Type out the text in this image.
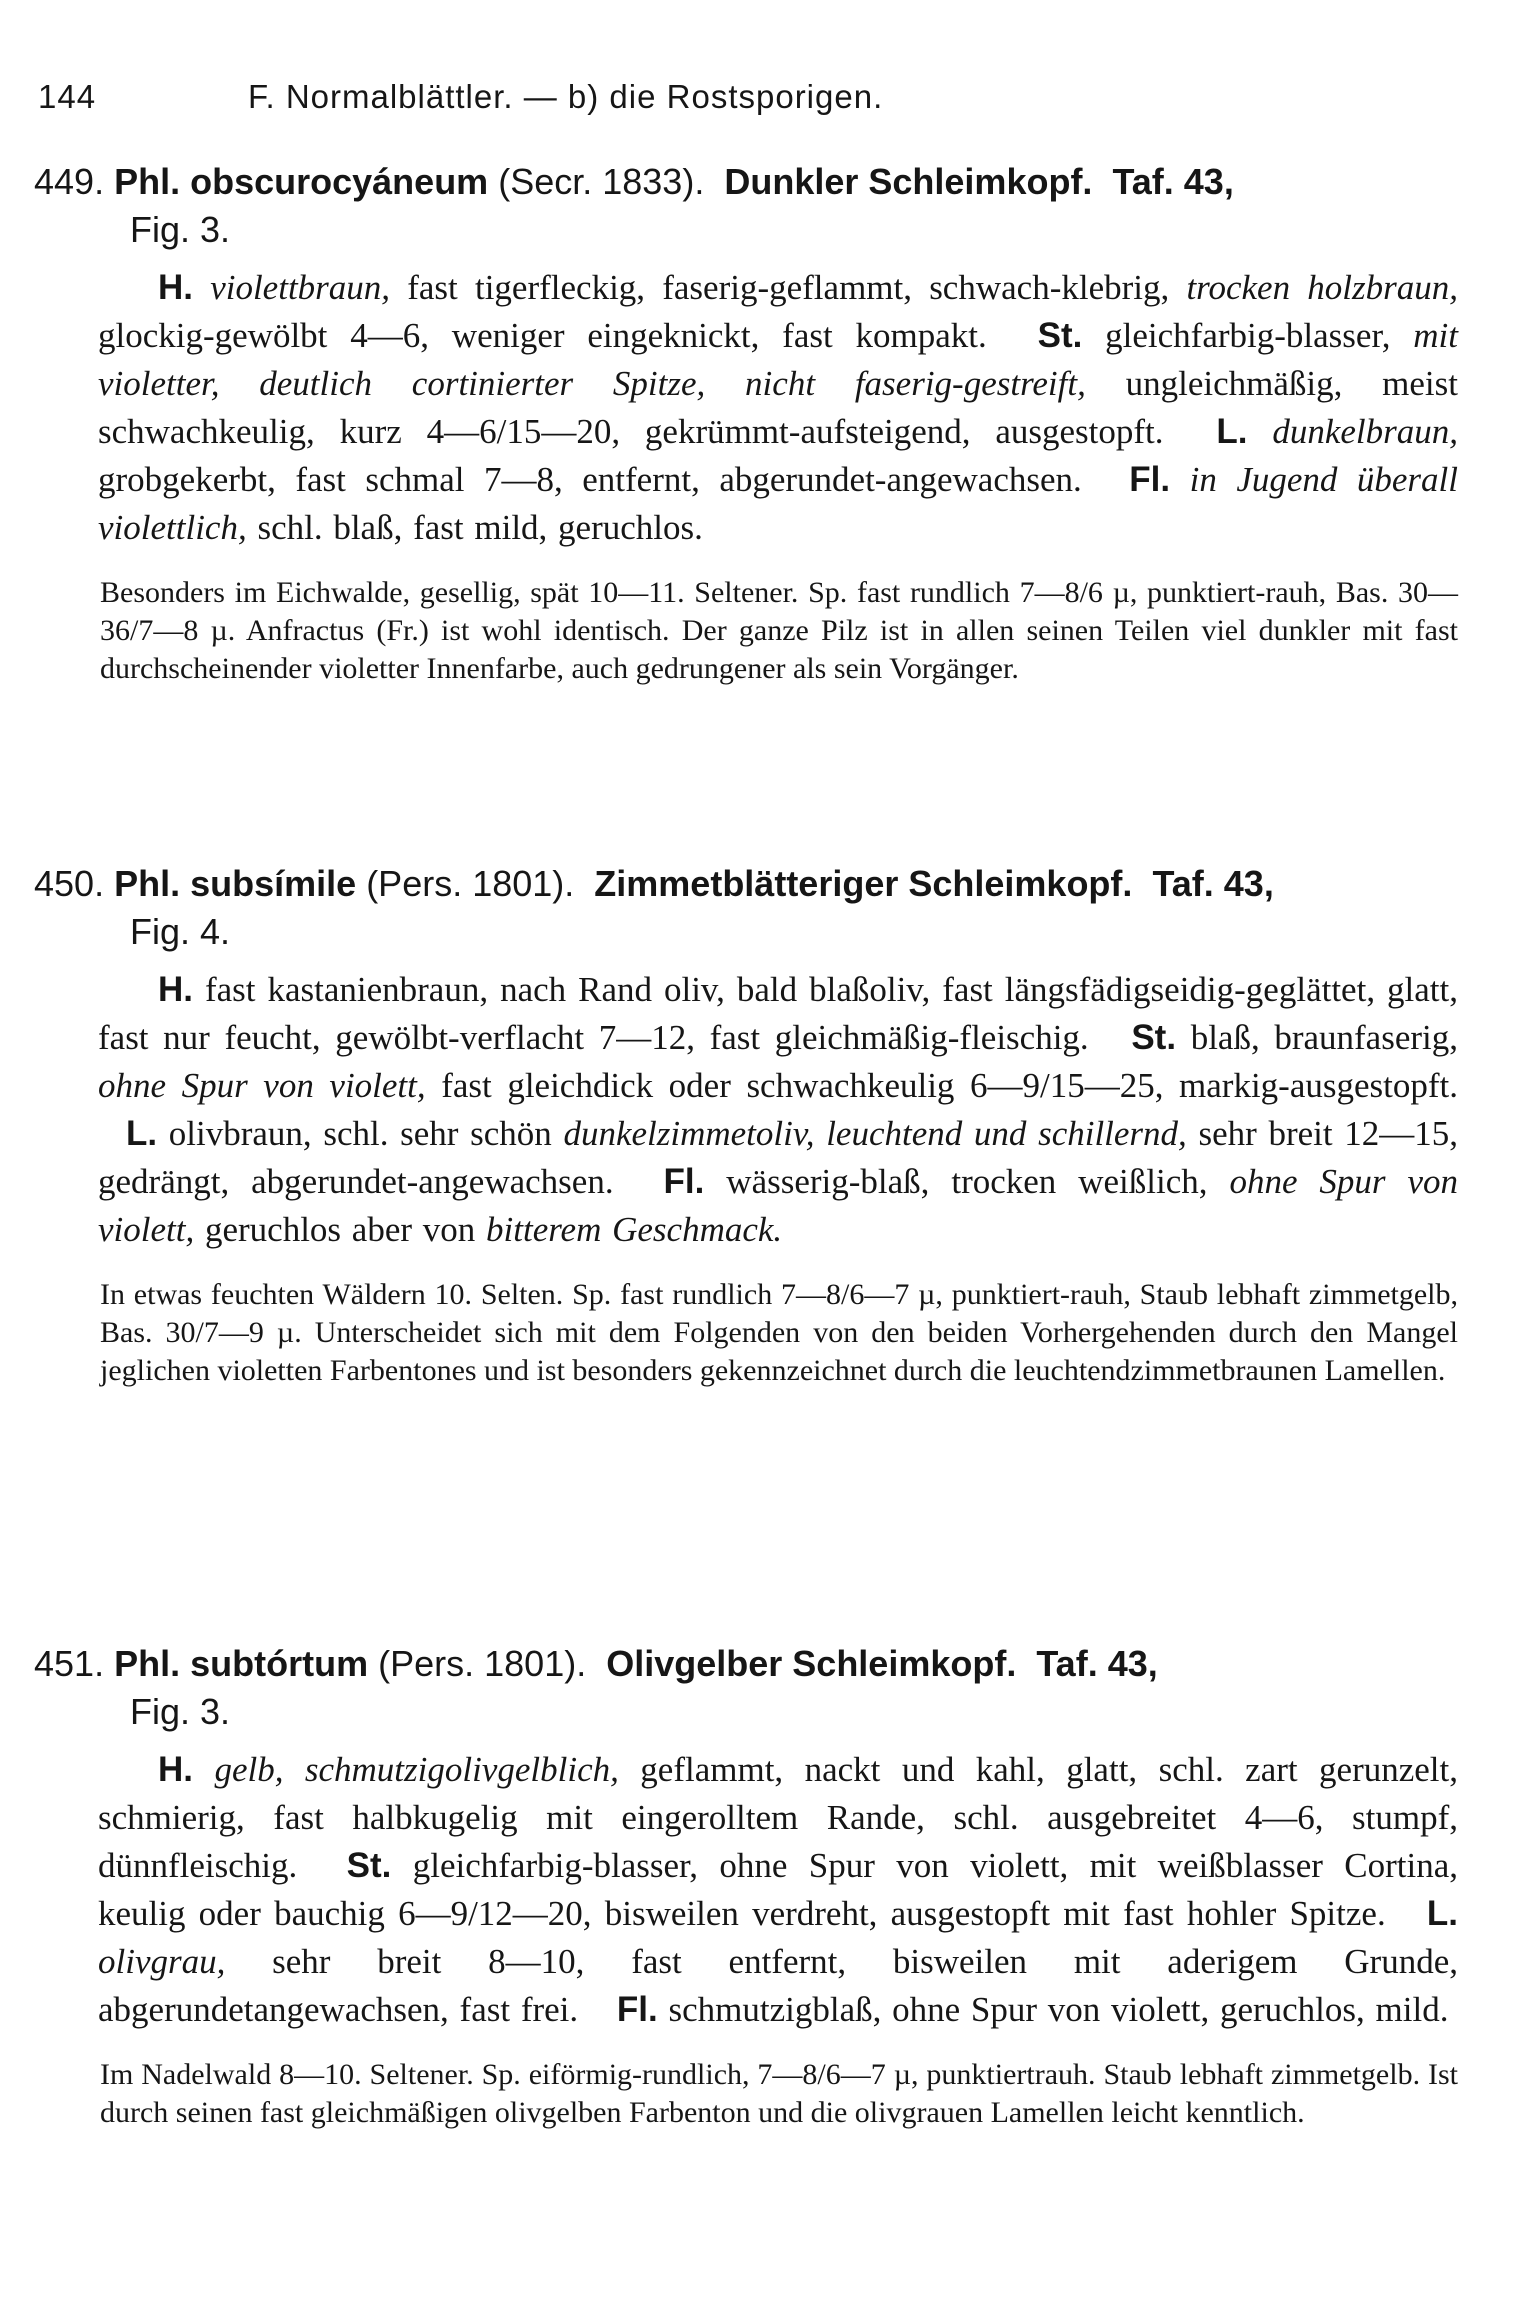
144	F. Normalblättler. — b) die Rostsporigen.
449. Phl. obscurocyáneum (Secr. 1833). Dunkler Schleimkopf. Taf. 43,
Fig. 3.
H. violettbraun, fast tigerfleckig, faserig-geflammt, schwach-klebrig, trocken holzbraun, glockig-gewölbt 4—6, weniger eingeknickt, fast kompakt. St. gleichfarbig-blasser, mit violetter, deutlich cortinierter Spitze, nicht faserig-gestreift, ungleichmäßig, meist schwachkeulig, kurz 4—6/15—20, gekrümmt-aufsteigend, ausgestopft. L. dunkelbraun, grobgekerbt, fast schmal 7—8, entfernt, abgerundet-angewachsen. Fl. in Jugend überall violettlich, schl. blaß, fast mild, geruchlos.
Besonders im Eichwalde, gesellig, spät 10—11. Seltener. Sp. fast rundlich 7—8/6 µ, punktiert-rauh, Bas. 30—36/7—8 µ. Anfractus (Fr.) ist wohl identisch. Der ganze Pilz ist in allen seinen Teilen viel dunkler mit fast durchscheinender violetter Innenfarbe, auch gedrungener als sein Vorgänger.
450. Phl. subsímile (Pers. 1801). Zimmetblätteriger Schleimkopf. Taf. 43,
Fig. 4.
H. fast kastanienbraun, nach Rand oliv, bald blaßoliv, fast längsfädigseidig-geglättet, glatt, fast nur feucht, gewölbt-verflacht 7—12, fast gleichmäßig-fleischig. St. blaß, braunfaserig, ohne Spur von violett, fast gleichdick oder schwachkeulig 6—9/15—25, markig-ausgestopft. L. olivbraun, schl. sehr schön dunkelzimmetoliv, leuchtend und schillernd, sehr breit 12—15, gedrängt, abgerundet-angewachsen. Fl. wässerig-blaß, trocken weißlich, ohne Spur von violett, geruchlos aber von bitterem Geschmack.
In etwas feuchten Wäldern 10. Selten. Sp. fast rundlich 7—8/6—7 µ, punktiert-rauh, Staub lebhaft zimmetgelb, Bas. 30/7—9 µ. Unterscheidet sich mit dem Folgenden von den beiden Vorhergehenden durch den Mangel jeglichen violetten Farbentones und ist besonders gekennzeichnet durch die leuchtendzimmetbraunen Lamellen.
451. Phl. subtórtum (Pers. 1801). Olivgelber Schleimkopf. Taf. 43,
Fig. 3.
H. gelb, schmutzigolivgelblich, geflammt, nackt und kahl, glatt, schl. zart gerunzelt, schmierig, fast halbkugelig mit eingerolltem Rande, schl. ausgebreitet 4—6, stumpf, dünnfleischig. St. gleichfarbig-blasser, ohne Spur von violett, mit weißblasser Cortina, keulig oder bauchig 6—9/12—20, bisweilen verdreht, ausgestopft mit fast hohler Spitze. L. olivgrau, sehr breit 8—10, fast entfernt, bisweilen mit aderigem Grunde, abgerundetangewachsen, fast frei. Fl. schmutzigblaß, ohne Spur von violett, geruchlos, mild.
Im Nadelwald 8—10. Seltener. Sp. eiförmig-rundlich, 7—8/6—7 µ, punktiertrauh. Staub lebhaft zimmetgelb. Ist durch seinen fast gleichmäßigen olivgelben Farbenton und die olivgrauen Lamellen leicht kenntlich.
